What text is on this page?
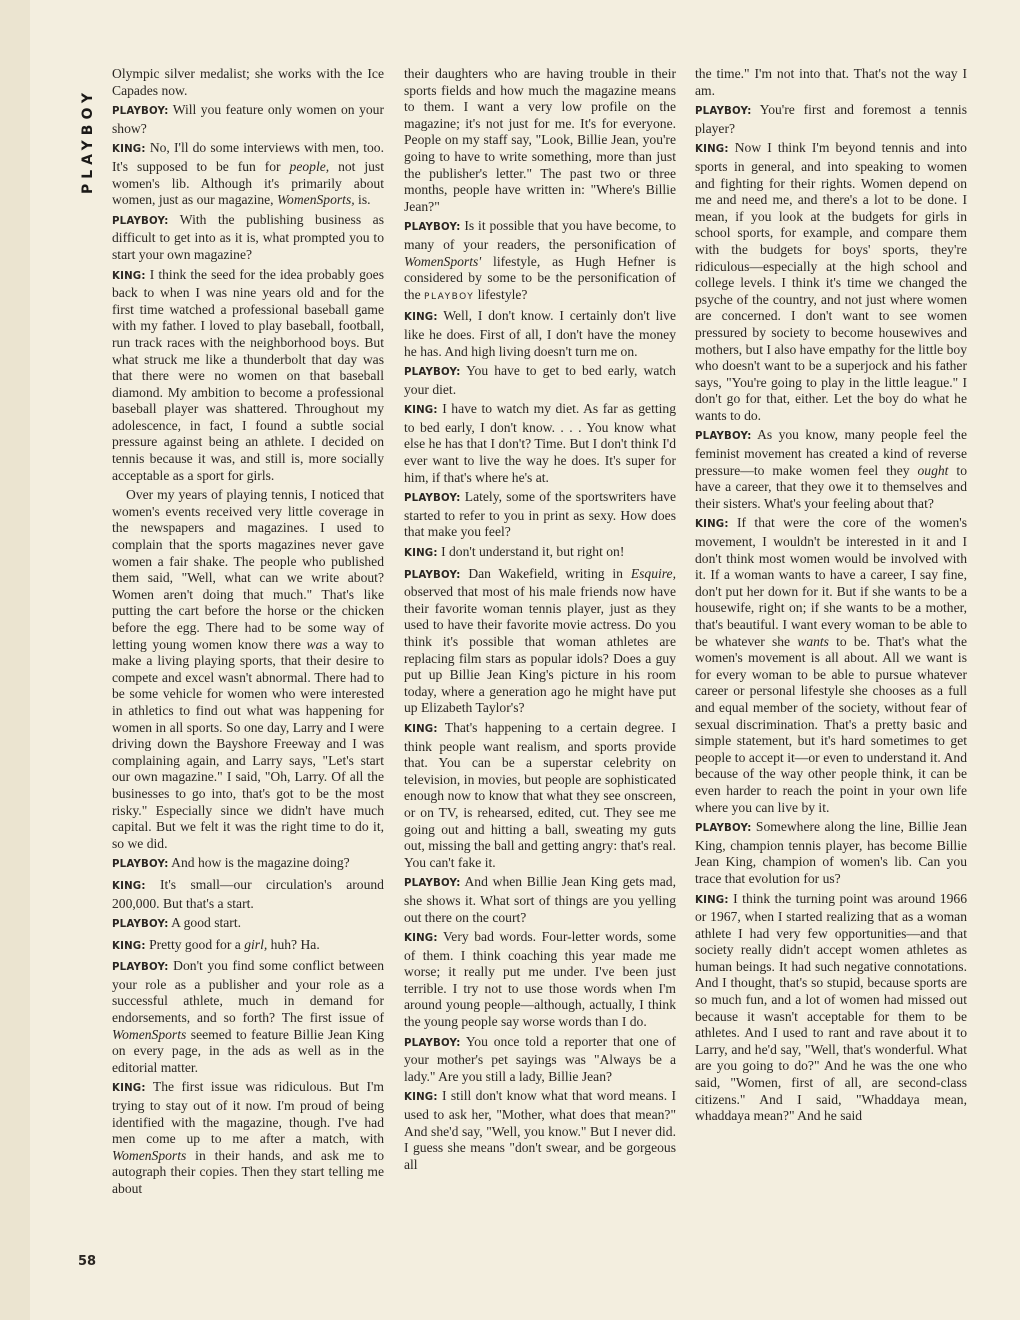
PLAYBOY
58

Olympic silver medalist; she works with the Ice Capades now.

PLAYBOY: Will you feature only women on your show?

KING: No, I'll do some interviews with men, too. It's supposed to be fun for people, not just women's lib. Although it's primarily about women, just as our magazine, WomenSports, is.

PLAYBOY: With the publishing business as difficult to get into as it is, what prompted you to start your own magazine?

KING: I think the seed for the idea probably goes back to when I was nine years old and for the first time watched a professional baseball game with my father. I loved to play baseball, football, run track races with the neighborhood boys. But what struck me like a thunderbolt that day was that there were no women on that baseball diamond. My ambition to become a professional baseball player was shattered. Throughout my adolescence, in fact, I found a subtle social pressure against being an athlete. I decided on tennis because it was, and still is, more socially acceptable as a sport for girls.

Over my years of playing tennis, I noticed that women's events received very little coverage in the newspapers and magazines. I used to complain that the sports magazines never gave women a fair shake. The people who published them said, "Well, what can we write about? Women aren't doing that much." That's like putting the cart before the horse or the chicken before the egg. There had to be some way of letting young women know there was a way to make a living playing sports, that their desire to compete and excel wasn't abnormal. There had to be some vehicle for women who were interested in athletics to find out what was happening for women in all sports. So one day, Larry and I were driving down the Bayshore Freeway and I was complaining again, and Larry says, "Let's start our own magazine." I said, "Oh, Larry. Of all the businesses to go into, that's got to be the most risky." Especially since we didn't have much capital. But we felt it was the right time to do it, so we did.

PLAYBOY: And how is the magazine doing?

KING: It's small—our circulation's around 200,000. But that's a start.

PLAYBOY: A good start.

KING: Pretty good for a girl, huh? Ha.

PLAYBOY: Don't you find some conflict between your role as a publisher and your role as a successful athlete, much in demand for endorsements, and so forth? The first issue of WomenSports seemed to feature Billie Jean King on every page, in the ads as well as in the editorial matter.

KING: The first issue was ridiculous. But I'm trying to stay out of it now. I'm proud of being identified with the magazine, though. I've had men come up to me after a match, with WomenSports in their hands, and ask me to autograph their copies. Then they start telling me about

their daughters who are having trouble in their sports fields and how much the magazine means to them. I want a very low profile on the magazine; it's not just for me. It's for everyone. People on my staff say, "Look, Billie Jean, you're going to have to write something, more than just the publisher's letter." The past two or three months, people have written in: "Where's Billie Jean?"

PLAYBOY: Is it possible that you have become, to many of your readers, the personification of WomenSports' lifestyle, as Hugh Hefner is considered by some to be the personification of the PLAYBOY lifestyle?

KING: Well, I don't know. I certainly don't live like he does. First of all, I don't have the money he has. And high living doesn't turn me on.

PLAYBOY: You have to get to bed early, watch your diet.

KING: I have to watch my diet. As far as getting to bed early, I don't know. . . . You know what else he has that I don't? Time. But I don't think I'd ever want to live the way he does. It's super for him, if that's where he's at.

PLAYBOY: Lately, some of the sportswriters have started to refer to you in print as sexy. How does that make you feel?

KING: I don't understand it, but right on!

PLAYBOY: Dan Wakefield, writing in Esquire, observed that most of his male friends now have their favorite woman tennis player, just as they used to have their favorite movie actress. Do you think it's possible that woman athletes are replacing film stars as popular idols? Does a guy put up Billie Jean King's picture in his room today, where a generation ago he might have put up Elizabeth Taylor's?

KING: That's happening to a certain degree. I think people want realism, and sports provide that. You can be a superstar celebrity on television, in movies, but people are sophisticated enough now to know that what they see onscreen, or on TV, is rehearsed, edited, cut. They see me going out and hitting a ball, sweating my guts out, missing the ball and getting angry: that's real. You can't fake it.

PLAYBOY: And when Billie Jean King gets mad, she shows it. What sort of things are you yelling out there on the court?

KING: Very bad words. Four-letter words, some of them. I think coaching this year made me worse; it really put me under. I've been just terrible. I try not to use those words when I'm around young people—although, actually, I think the young people say worse words than I do.

PLAYBOY: You once told a reporter that one of your mother's pet sayings was "Always be a lady." Are you still a lady, Billie Jean?

KING: I still don't know what that word means. I used to ask her, "Mother, what does that mean?" And she'd say, "Well, you know." But I never did. I guess she means "don't swear, and be gorgeous all

the time." I'm not into that. That's not the way I am.

PLAYBOY: You're first and foremost a tennis player?

KING: Now I think I'm beyond tennis and into sports in general, and into speaking to women and fighting for their rights. Women depend on me and need me, and there's a lot to be done. I mean, if you look at the budgets for girls in school sports, for example, and compare them with the budgets for boys' sports, they're ridiculous—especially at the high school and college levels. I think it's time we changed the psyche of the country, and not just where women are concerned. I don't want to see women pressured by society to become housewives and mothers, but I also have empathy for the little boy who doesn't want to be a superjock and his father says, "You're going to play in the little league." I don't go for that, either. Let the boy do what he wants to do.

PLAYBOY: As you know, many people feel the feminist movement has created a kind of reverse pressure—to make women feel they ought to have a career, that they owe it to themselves and their sisters. What's your feeling about that?

KING: If that were the core of the women's movement, I wouldn't be interested in it and I don't think most women would be involved with it. If a woman wants to have a career, I say fine, don't put her down for it. But if she wants to be a housewife, right on; if she wants to be a mother, that's beautiful. I want every woman to be able to be whatever she wants to be. That's what the women's movement is all about. All we want is for every woman to be able to pursue whatever career or personal lifestyle she chooses as a full and equal member of the society, without fear of sexual discrimination. That's a pretty basic and simple statement, but it's hard sometimes to get people to accept it—or even to understand it. And because of the way other people think, it can be even harder to reach the point in your own life where you can live by it.

PLAYBOY: Somewhere along the line, Billie Jean King, champion tennis player, has become Billie Jean King, champion of women's lib. Can you trace that evolution for us?

KING: I think the turning point was around 1966 or 1967, when I started realizing that as a woman athlete I had very few opportunities—and that society really didn't accept women athletes as human beings. It had such negative connotations. And I thought, that's so stupid, because sports are so much fun, and a lot of women had missed out because it wasn't acceptable for them to be athletes. And I used to rant and rave about it to Larry, and he'd say, "Well, that's wonderful. What are you going to do?" And he was the one who said, "Women, first of all, are second-class citizens." And I said, "Whaddaya mean, whaddaya mean?" And he said
